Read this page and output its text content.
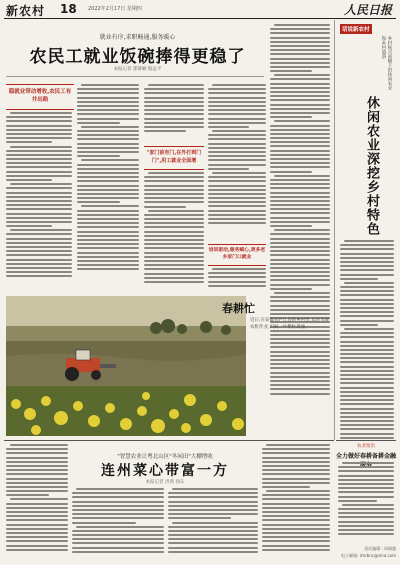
新农村 18 2022年2月17日 星期四	人民日报
就业有序,求职畅通,服务暖心
农民工就业饭碗捧得更稳了
本报记者 郁静娴 殷远平
稳就业带动增收,农民工有井出路
"家门前有门,在外打到门门",用工就业全面增
培训驱动,服务赋心,更多老乡家门口就业
话说新农村
乡村振兴战略下的休闲农业和乡村旅游
休闲农业深挖乡村特色
春耕忙
近日,在安徽省庐江县的乡村里,农民驾驶农机作业,田间一片繁忙景象。
"智慧农业让粤北山区"冬闲田"大棚增收
连州菜心带富一方
本报记者 洪鸿 徐东
农业短讯
全力做好春耕备耕金融
责任编辑 : 周靖越
电子邮箱: rmrbnc@sina.com
